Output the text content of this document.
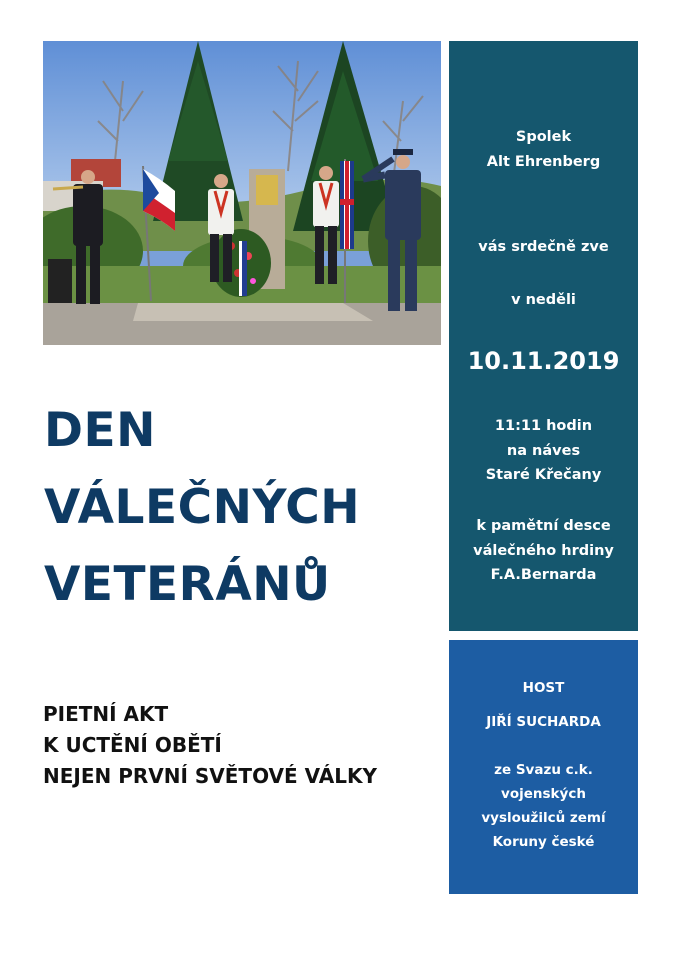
DEN
VÁLEČNÝCH
VETERÁNŮ
PIETNÍ AKT
K UCTĚNÍ OBĚTÍ
NEJEN PRVNÍ SVĚTOVÉ VÁLKY
Spolek
Alt Ehrenberg
vás srdečně zve
v neděli
10.11.2019
11:11 hodin
na náves
Staré Křečany
k pamětní desce
válečného hrdiny
F.A.Bernarda
HOST
JIŘÍ SUCHARDA
ze Svazu c.k.
vojenských
vysloužilců zemí
Koruny české
